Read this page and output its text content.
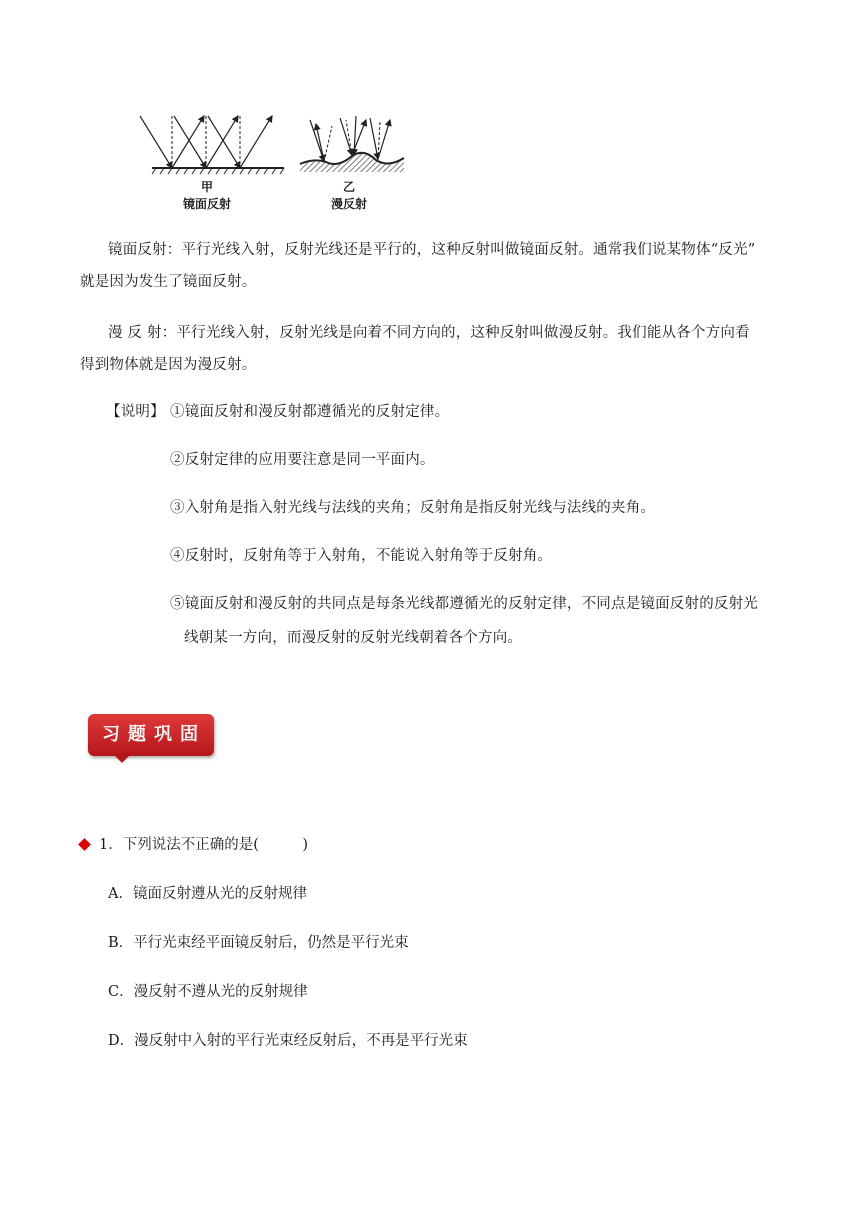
甲
镜面反射
乙
漫反射
镜面反射：平行光线入射，反射光线还是平行的，这种反射叫做镜面反射。通常我们说某物体“反光”
就是因为发生了镜面反射。
漫 反 射：平行光线入射，反射光线是向着不同方向的，这种反射叫做漫反射。我们能从各个方向看
得到物体就是因为漫反射。
【说明】 ①镜面反射和漫反射都遵循光的反射定律。
②反射定律的应用要注意是同一平面内。
③入射角是指入射光线与法线的夹角；反射角是指反射光线与法线的夹角。
④反射时，反射角等于入射角，不能说入射角等于反射角。
⑤镜面反射和漫反射的共同点是每条光线都遵循光的反射定律，不同点是镜面反射的反射光
线朝某一方向，而漫反射的反射光线朝着各个方向。
习题巩固
1．下列说法不正确的是(　　　)
A．镜面反射遵从光的反射规律
B．平行光束经平面镜反射后，仍然是平行光束
C．漫反射不遵从光的反射规律
D．漫反射中入射的平行光束经反射后，不再是平行光束
